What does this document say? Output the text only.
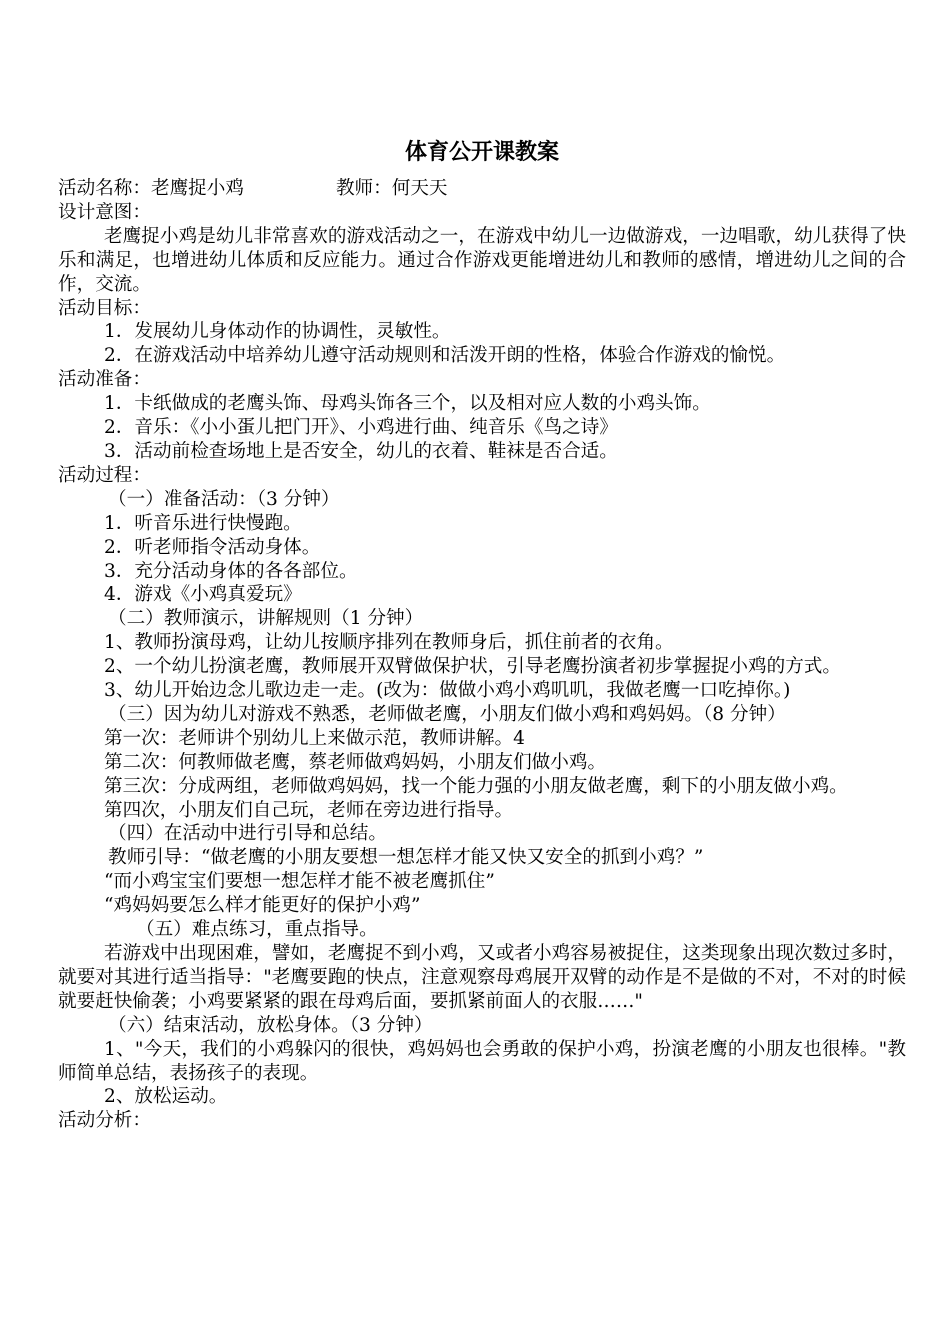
体育公开课教案
活动名称：老鹰捉小鸡	教师：何天天
设计意图：
老鹰捉小鸡是幼儿非常喜欢的游戏活动之一，在游戏中幼儿一边做游戏，一边唱歌，幼儿获得了快乐和满足，也增进幼儿体质和反应能力。通过合作游戏更能增进幼儿和教师的感情，增进幼儿之间的合作，交流。
活动目标：
1．发展幼儿身体动作的协调性，灵敏性。
2．在游戏活动中培养幼儿遵守活动规则和活泼开朗的性格，体验合作游戏的愉悦。
活动准备：
1．卡纸做成的老鹰头饰、母鸡头饰各三个，以及相对应人数的小鸡头饰。
2．音乐：《小小蛋儿把门开》、小鸡进行曲、纯音乐《鸟之诗》
3．活动前检查场地上是否安全，幼儿的衣着、鞋袜是否合适。
活动过程：
（一）准备活动：（3 分钟）
1．听音乐进行快慢跑。
2．听老师指令活动身体。
3．充分活动身体的各各部位。
4．游戏《小鸡真爱玩》
（二）教师演示，讲解规则（1 分钟）
1、教师扮演母鸡，让幼儿按顺序排列在教师身后，抓住前者的衣角。
2、一个幼儿扮演老鹰，教师展开双臂做保护状，引导老鹰扮演者初步掌握捉小鸡的方式。
3、幼儿开始边念儿歌边走一走。(改为：做做小鸡小鸡叽叽，我做老鹰一口吃掉你。)
（三）因为幼儿对游戏不熟悉，老师做老鹰，小朋友们做小鸡和鸡妈妈。（8 分钟）
第一次：老师讲个别幼儿上来做示范，教师讲解。4
第二次：何教师做老鹰，蔡老师做鸡妈妈，小朋友们做小鸡。
第三次：分成两组，老师做鸡妈妈，找一个能力强的小朋友做老鹰，剩下的小朋友做小鸡。
第四次，小朋友们自己玩，老师在旁边进行指导。
（四）在活动中进行引导和总结。
教师引导：“做老鹰的小朋友要想一想怎样才能又快又安全的抓到小鸡？”
“而小鸡宝宝们要想一想怎样才能不被老鹰抓住”
“鸡妈妈要怎么样才能更好的保护小鸡”
（五）难点练习，重点指导。
若游戏中出现困难，譬如，老鹰捉不到小鸡，又或者小鸡容易被捉住，这类现象出现次数过多时，就要对其进行适当指导："老鹰要跑的快点，注意观察母鸡展开双臂的动作是不是做的不对，不对的时候就要赶快偷袭；小鸡要紧紧的跟在母鸡后面，要抓紧前面人的衣服……"
（六）结束活动，放松身体。（3 分钟）
1、"今天，我们的小鸡躲闪的很快，鸡妈妈也会勇敢的保护小鸡，扮演老鹰的小朋友也很棒。"教师简单总结，表扬孩子的表现。
2、放松运动。
活动分析：
